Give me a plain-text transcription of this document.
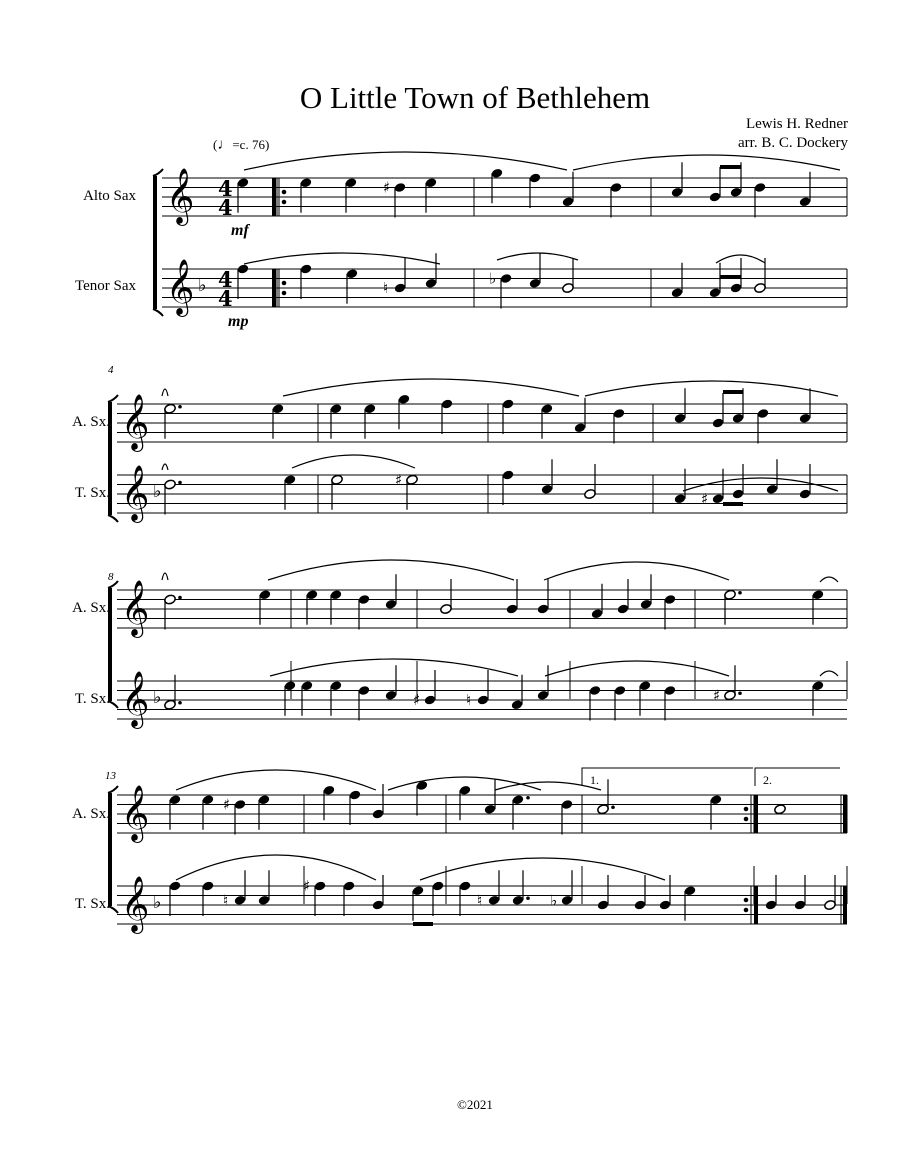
O Little Town of Bethlehem
Lewis H. Redner
arr. B. C. Dockery
(♩=c. 76)
Alto Sax
Tenor Sax
A. Sx.
T. Sx.
A. Sx.
T. Sx.
A. Sx.
T. Sx.
mf
mp
4
8
13	1.	2.
©2021
𝄞
𝄞 ♭
𝄞
𝄞 ♭
𝄞
𝄞 ♭
𝄞
𝄞 ♭
4
4
4
4
♯
♮
♭
♯
♯
♯	♮	♯
♯
♮
♯
♮	♭
